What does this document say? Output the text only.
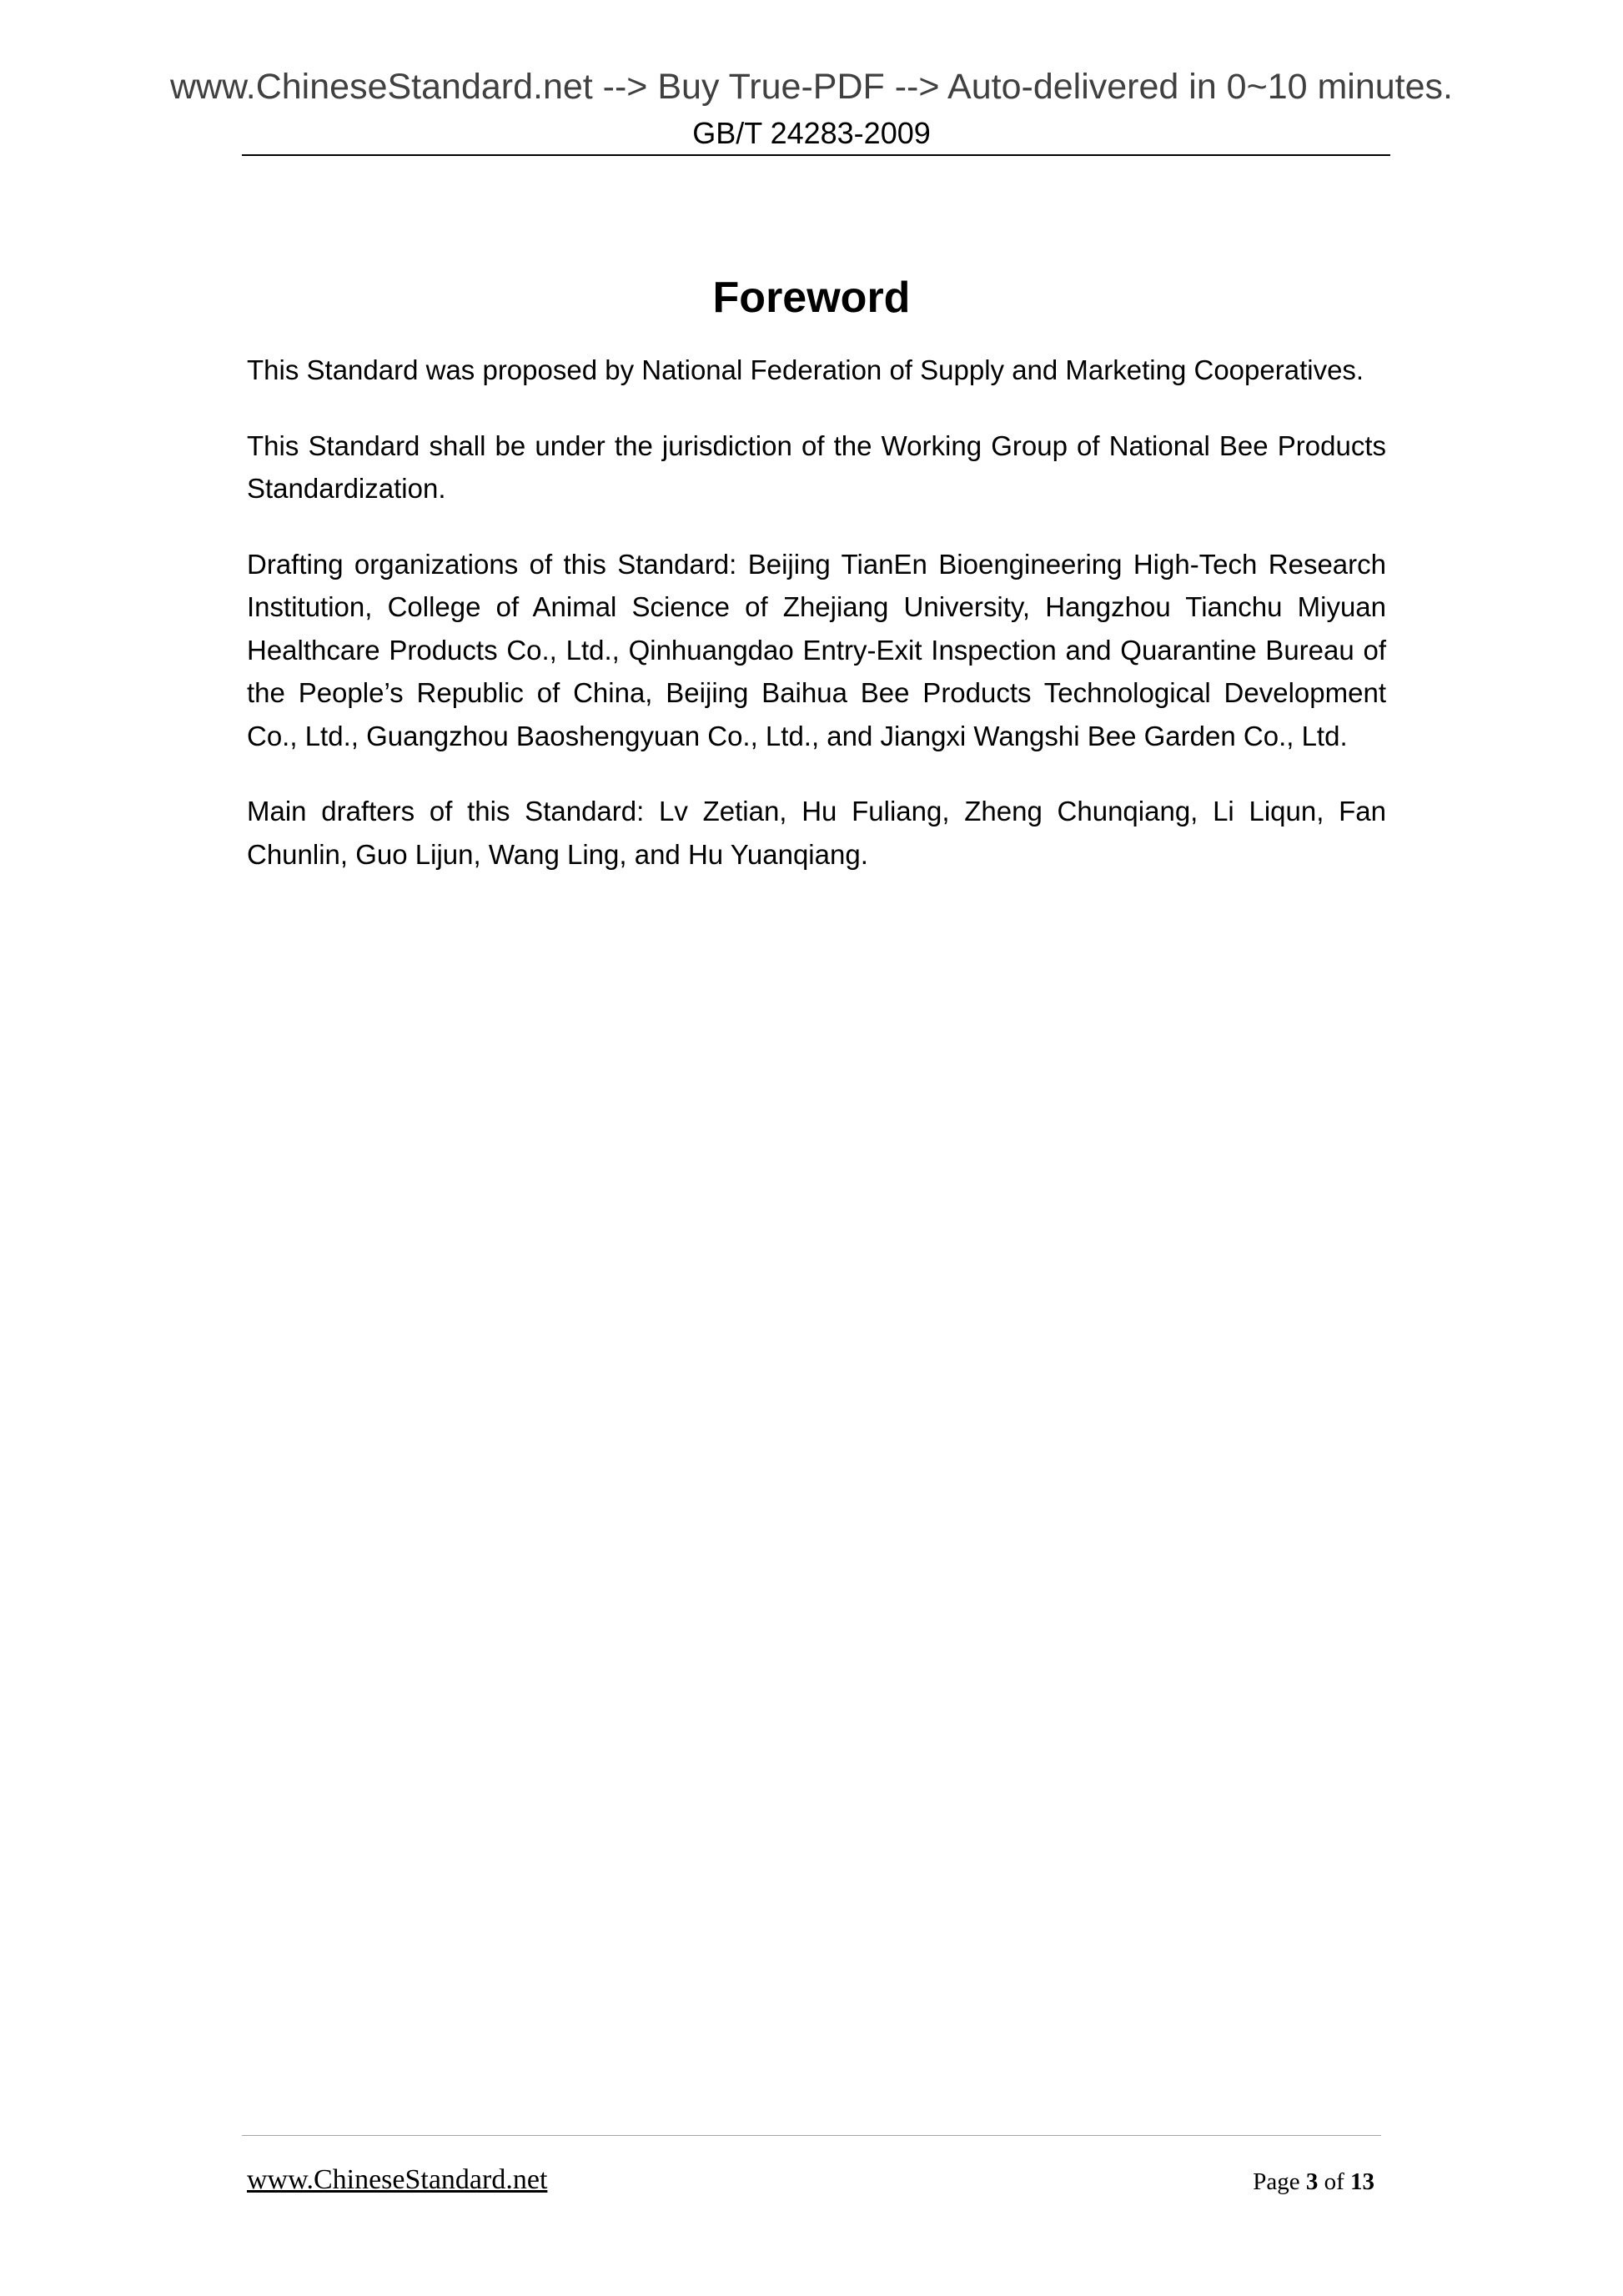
www.ChineseStandard.net --> Buy True-PDF --> Auto-delivered in 0~10 minutes.
GB/T 24283-2009
Foreword

This Standard was proposed by National Federation of Supply and Marketing Cooperatives.

This Standard shall be under the jurisdiction of the Working Group of National Bee Products Standardization.

Drafting organizations of this Standard: Beijing TianEn Bioengineering High-Tech Research Institution, College of Animal Science of Zhejiang University, Hangzhou Tianchu Miyuan Healthcare Products Co., Ltd., Qinhuangdao Entry-Exit Inspection and Quarantine Bureau of the People’s Republic of China, Beijing Baihua Bee Products Technological Development Co., Ltd., Guangzhou Baoshengyuan Co., Ltd., and Jiangxi Wangshi Bee Garden Co., Ltd.

Main drafters of this Standard: Lv Zetian, Hu Fuliang, Zheng Chunqiang, Li Liqun, Fan Chunlin, Guo Lijun, Wang Ling, and Hu Yuanqiang.

www.ChineseStandard.net	Page 3 of 13
